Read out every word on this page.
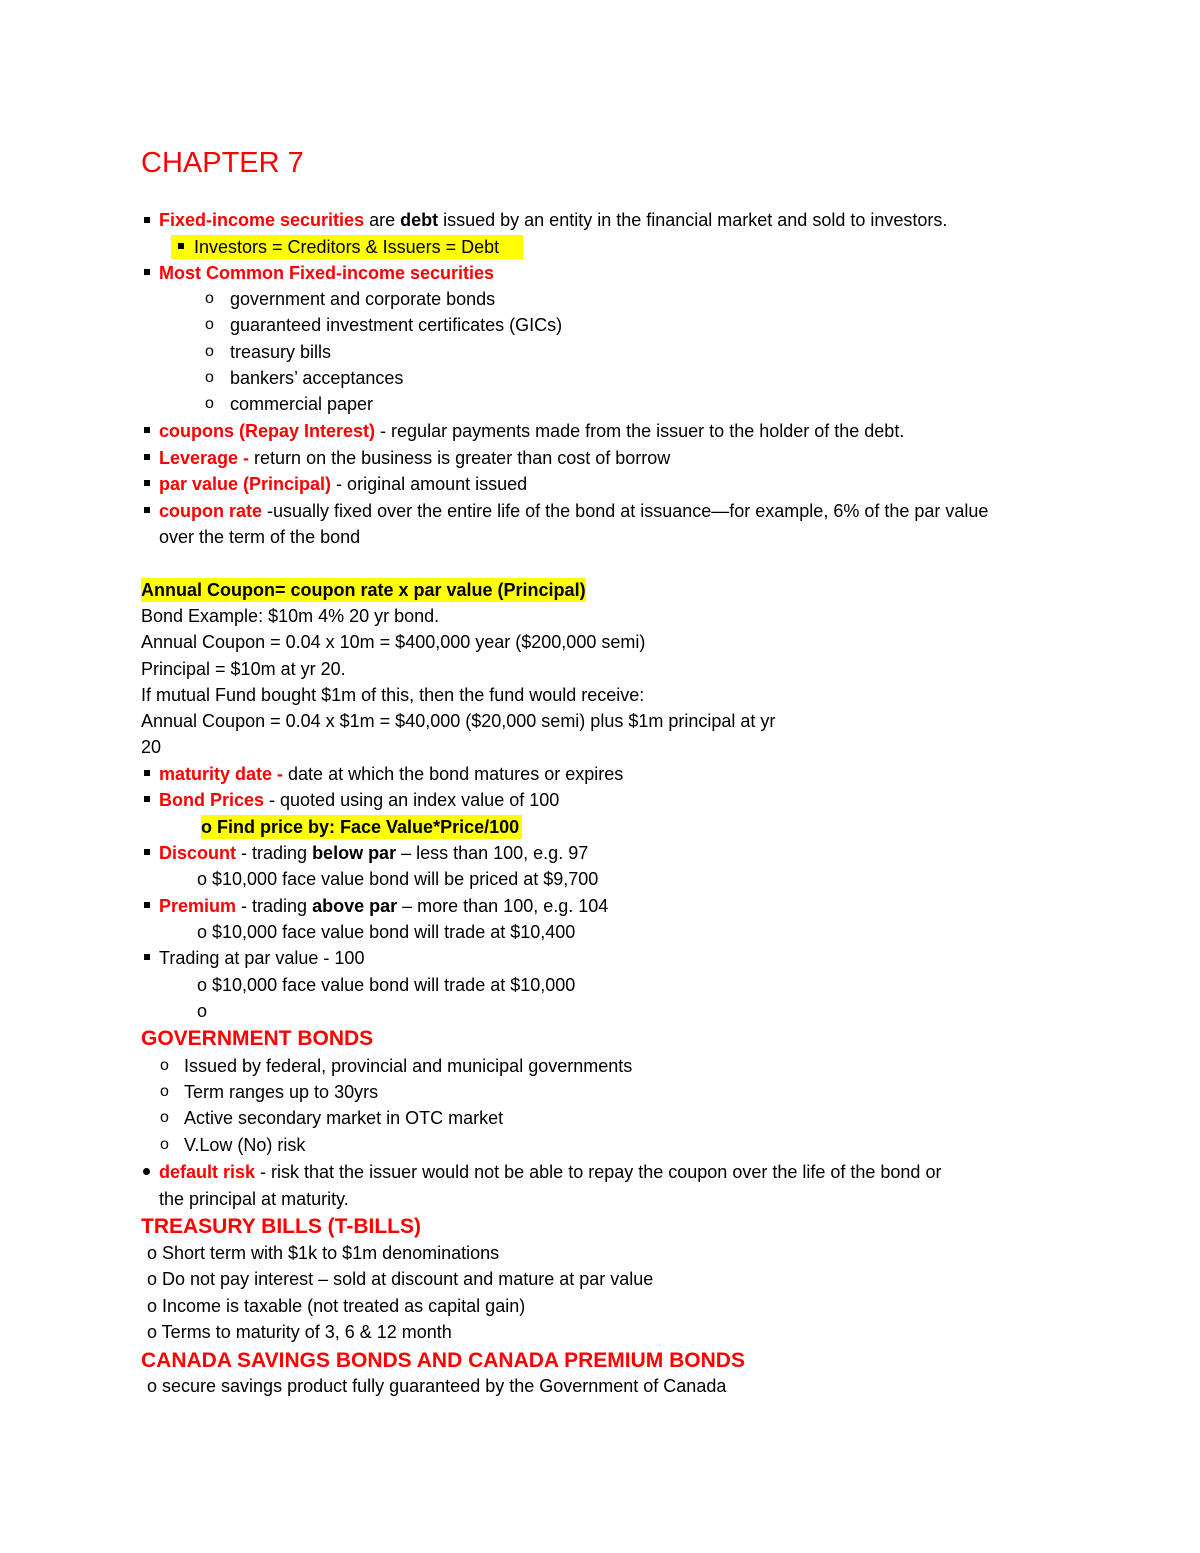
CHAPTER 7
Fixed-income securities are debt issued by an entity in the financial market and sold to investors.
Investors = Creditors & Issuers = Debt
Most Common Fixed-income securities
o government and corporate bonds
o guaranteed investment certificates (GICs)
o treasury bills
o bankers’ acceptances
o commercial paper
coupons (Repay Interest) - regular payments made from the issuer to the holder of the debt.
Leverage - return on the business is greater than cost of borrow
par value (Principal) - original amount issued
coupon rate -usually fixed over the entire life of the bond at issuance—for example, 6% of the par value
over the term of the bond
Annual Coupon= coupon rate x par value (Principal)
Bond Example: $10m 4% 20 yr bond.
Annual Coupon = 0.04 x 10m = $400,000 year ($200,000 semi)
Principal = $10m at yr 20.
If mutual Fund bought $1m of this, then the fund would receive:
Annual Coupon = 0.04 x $1m = $40,000 ($20,000 semi) plus $1m principal at yr
20
maturity date - date at which the bond matures or expires
Bond Prices - quoted using an index value of 100
o Find price by: Face Value*Price/100
Discount - trading below par – less than 100, e.g. 97
o $10,000 face value bond will be priced at $9,700
Premium - trading above par – more than 100, e.g. 104
o $10,000 face value bond will trade at $10,400
Trading at par value - 100
o $10,000 face value bond will trade at $10,000
o
GOVERNMENT BONDS
o Issued by federal, provincial and municipal governments
o Term ranges up to 30yrs
o Active secondary market in OTC market
o V.Low (No) risk
default risk - risk that the issuer would not be able to repay the coupon over the life of the bond or
the principal at maturity.
TREASURY BILLS (T-BILLS)
o Short term with $1k to $1m denominations
o Do not pay interest – sold at discount and mature at par value
o Income is taxable (not treated as capital gain)
o Terms to maturity of 3, 6 & 12 month
CANADA SAVINGS BONDS AND CANADA PREMIUM BONDS
o secure savings product fully guaranteed by the Government of Canada
